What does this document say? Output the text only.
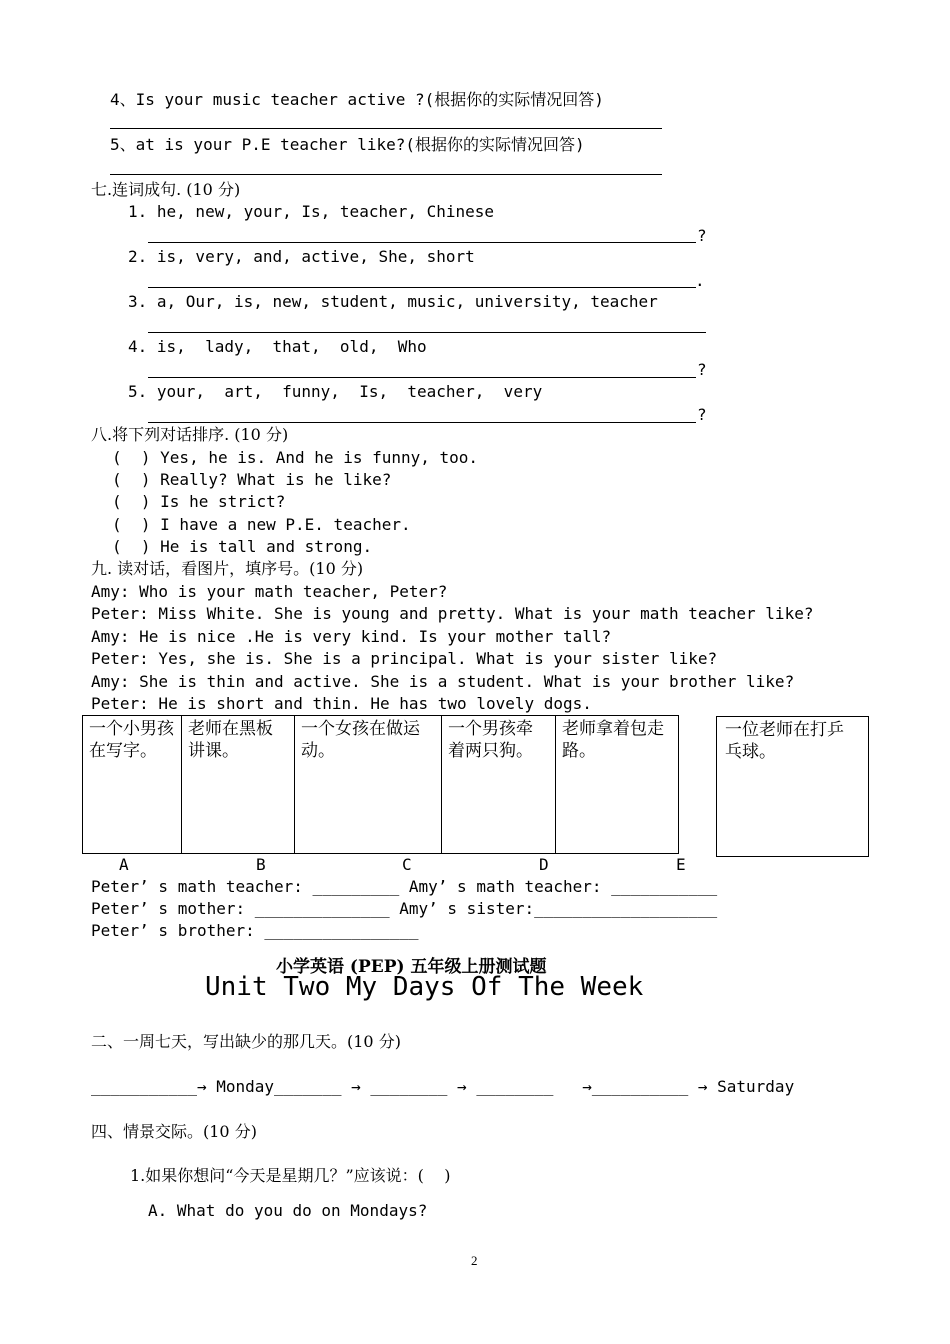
4、Is your music teacher active ?(根据你的实际情况回答)
5、at is your P.E teacher like?(根据你的实际情况回答)
七.连词成句. (10 分)
1. he, new, your, Is, teacher, Chinese
?
2. is, very, and, active, She, short
.
3. a, Our, is, new, student, music, university, teacher
4. is,  lady,  that,  old,  Who
?
5. your,  art,  funny,  Is,  teacher,  very
?
八.将下列对话排序. (10 分)
(  ) Yes, he is. And he is funny, too.
(  ) Really? What is he like?
(  ) Is he strict?
(  ) I have a new P.E. teacher.
(  ) He is tall and strong.
九. 读对话，看图片，填序号。(10 分)
Amy: Who is your math teacher, Peter?
Peter: Miss White. She is young and pretty. What is your math teacher like?
Amy: He is nice .He is very kind. Is your mother tall?
Peter: Yes, she is. She is a principal. What is your sister like?
Amy: She is thin and active. She is a student. What is your brother like?
Peter: He is short and thin. He has two lovely dogs.
一个小男孩在写字。
老师在黑板讲课。
一个女孩在做运动。
一个男孩牵着两只狗。
老师拿着包走路。
一位老师在打乒乓球。
A	B	C	D	E
Peter’ s math teacher: _________ Amy’ s math teacher: ___________
Peter’ s mother: ______________ Amy’ s sister:___________________
Peter’ s brother: ________________
小学英语 (PEP) 五年级上册测试题
Unit Two My Days Of The Week
二、一周七天，写出缺少的那几天。(10 分)
___________→ Monday_______ → ________ → ________   →__________ → Saturday
四、情景交际。(10 分)
1.如果你想问“今天是星期几？”应该说：(    )
A. What do you do on Mondays?
2
